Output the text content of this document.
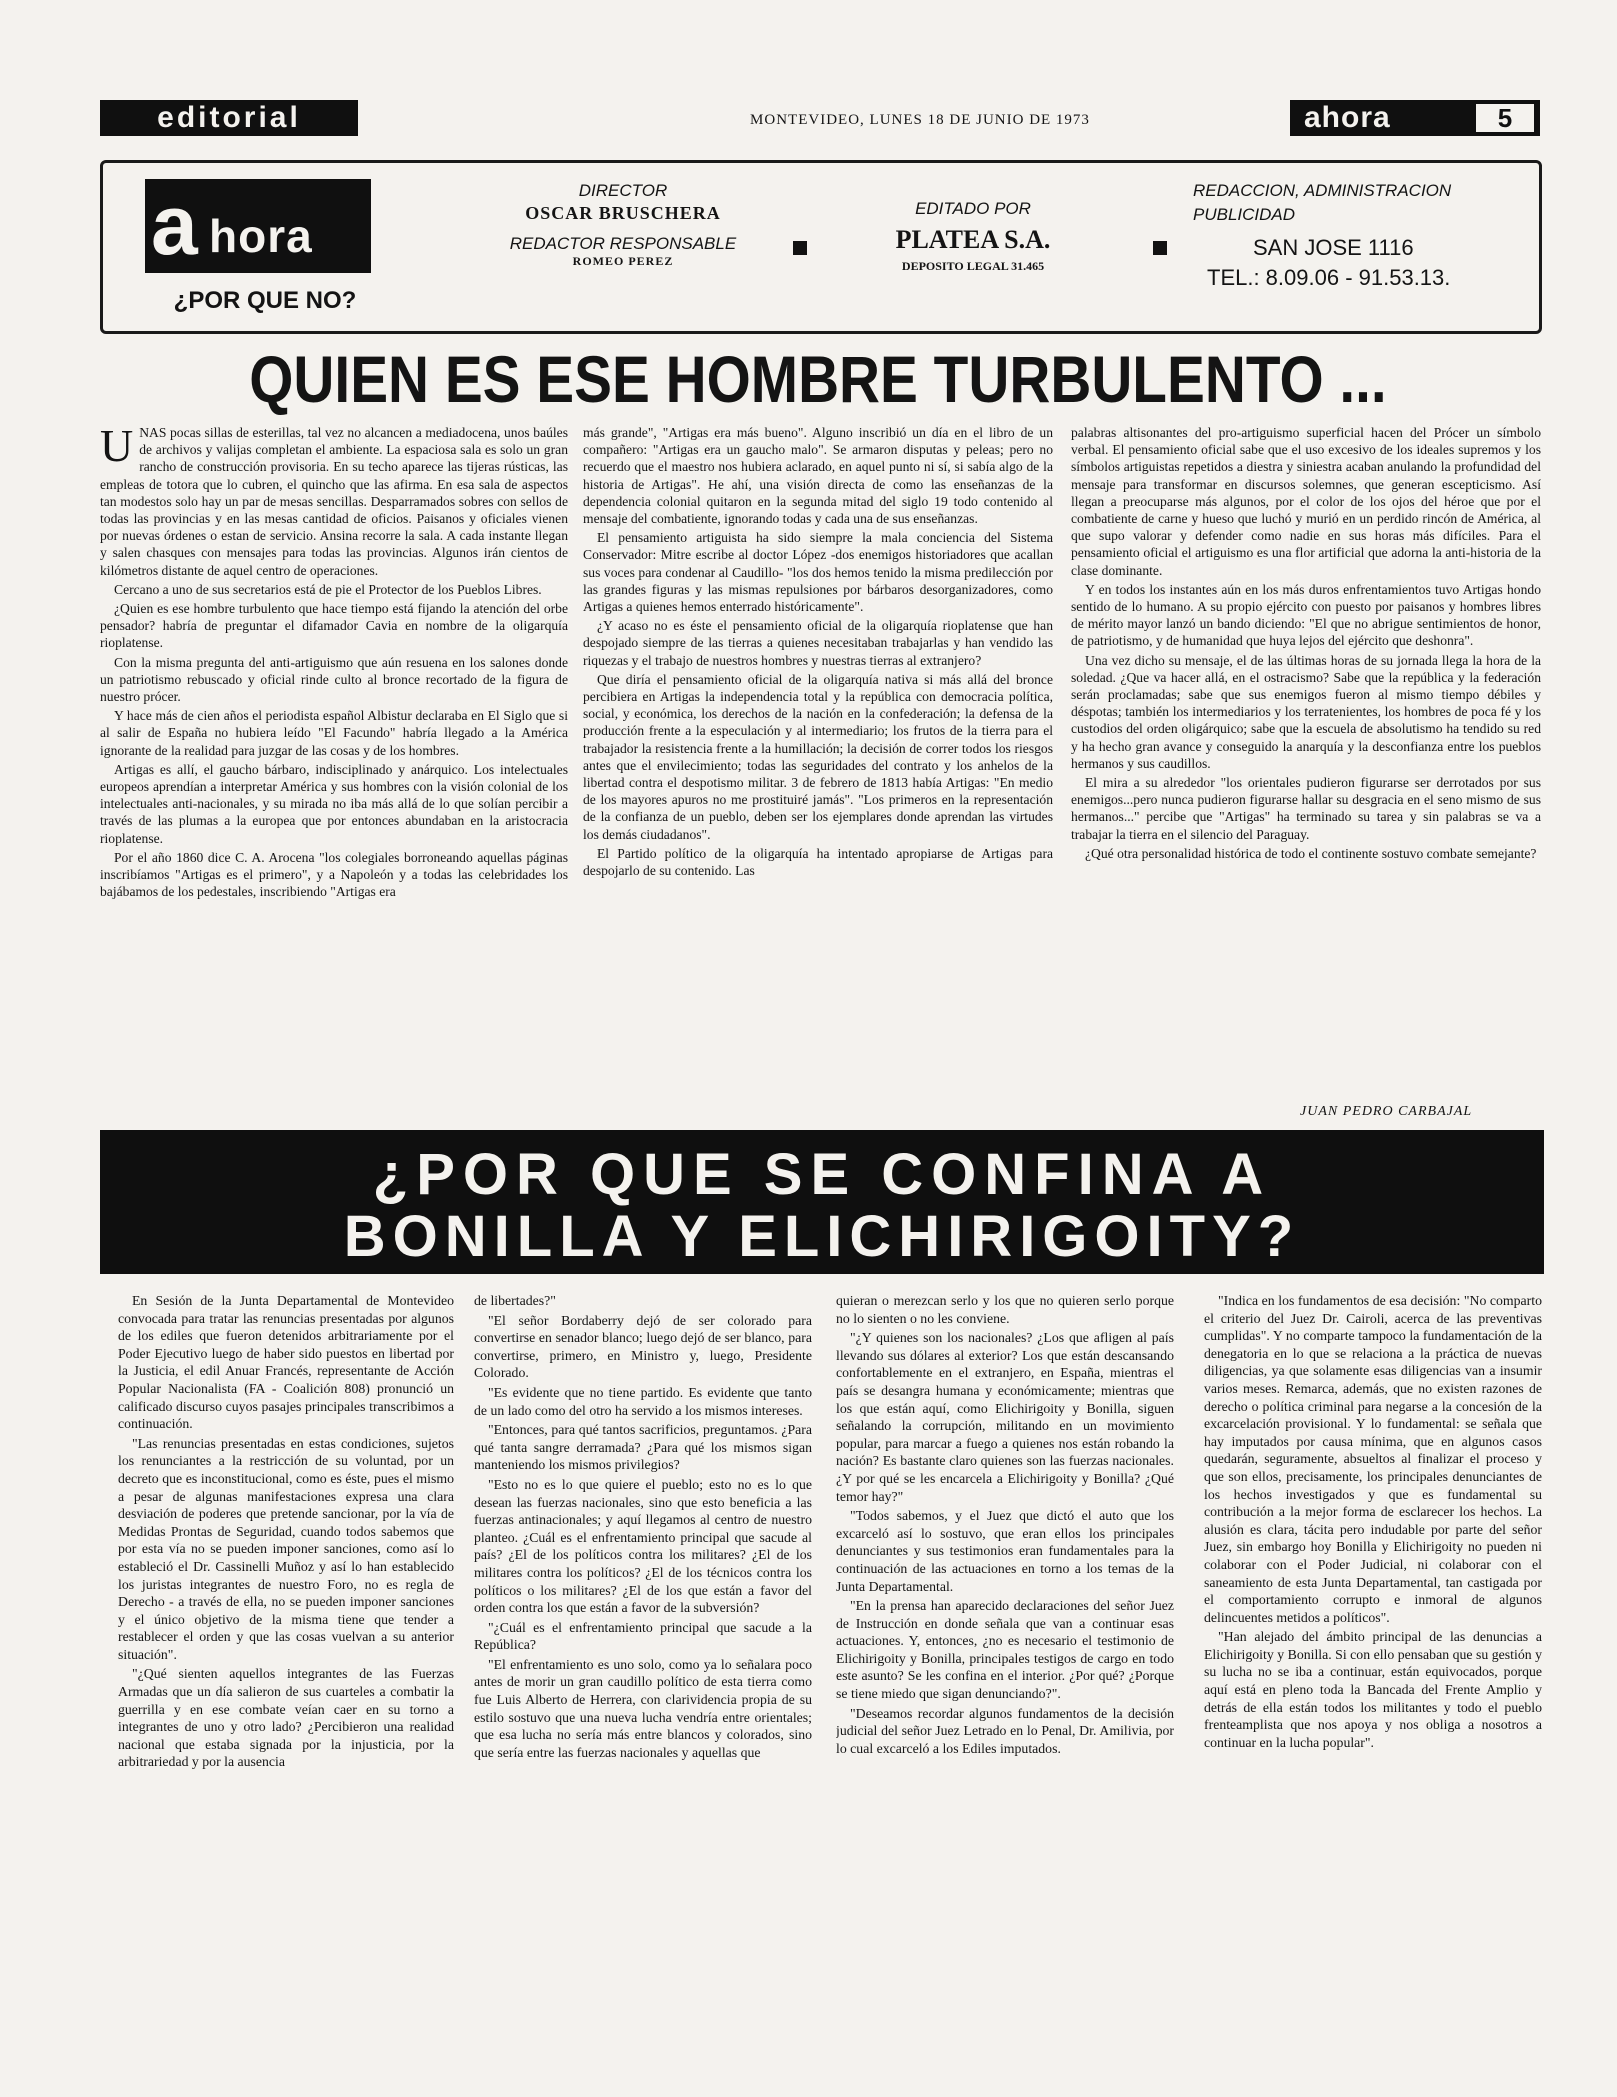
editorial	MONTEVIDEO, LUNES 18 DE JUNIO DE 1973	ahora	5
a hora
¿POR QUE NO?
DIRECTOR
OSCAR BRUSCHERA
REDACTOR RESPONSABLE
ROMEO PEREZ
EDITADO POR
PLATEA S.A.
DEPOSITO LEGAL 31.465
REDACCION, ADMINISTRACION
PUBLICIDAD
SAN JOSE 1116
TEL.: 8.09.06 - 91.53.13.
QUIEN ES ESE HOMBRE TURBULENTO ...
U NAS pocas sillas de esterillas, tal vez no alcancen a mediadocena, unos baúles de archivos y valijas completan el ambiente. La espaciosa sala es solo un gran rancho de construcción provisoria. En su techo aparece las tijeras rústicas, las empleas de totora que lo cubren, el quincho que las afirma. En esa sala de aspectos tan modestos solo hay un par de mesas sencillas. Desparramados sobres con sellos de todas las provincias y en las mesas cantidad de oficios. Paisanos y oficiales vienen por nuevas órdenes o estan de servicio. Ansina recorre la sala. A cada instante llegan y salen chasques con mensajes para todas las provincias. Algunos irán cientos de kilómetros distante de aquel centro de operaciones.

Cercano a uno de sus secretarios está de pie el Protector de los Pueblos Libres.

¿Quien es ese hombre turbulento que hace tiempo está fijando la atención del orbe pensador? habría de preguntar el difamador Cavia en nombre de la oligarquía rioplatense.

Con la misma pregunta del anti-artiguismo que aún resuena en los salones donde un patriotismo rebuscado y oficial rinde culto al bronce recortado de la figura de nuestro prócer.

Y hace más de cien años el periodista español Albistur declaraba en El Siglo que si al salir de España no hubiera leído "El Facundo" habría llegado a la América ignorante de la realidad para juzgar de las cosas y de los hombres.

Artigas es allí, el gaucho bárbaro, indisciplinado y anárquico. Los intelectuales europeos aprendían a interpretar América y sus hombres con la visión colonial de los intelectuales anti-nacionales, y su mirada no iba más allá de lo que solían percibir a través de las plumas a la europea que por entonces abundaban en la aristocracia rioplatense.

Por el año 1860 dice C. A. Arocena "los colegiales borroneando aquellas páginas inscribíamos "Artigas es el primero", y a Napoleón y a todas las celebridades los bajábamos de los pedestales, inscribiendo "Artigas era

más grande", "Artigas era más bueno". Alguno inscribió un día en el libro de un compañero: "Artigas era un gaucho malo". Se armaron disputas y peleas; pero no recuerdo que el maestro nos hubiera aclarado, en aquel punto ni sí, si sabía algo de la historia de Artigas". He ahí, una visión directa de como las enseñanzas de la dependencia colonial quitaron en la segunda mitad del siglo 19 todo contenido al mensaje del combatiente, ignorando todas y cada una de sus enseñanzas.

El pensamiento artiguista ha sido siempre la mala conciencia del Sistema Conservador: Mitre escribe al doctor López -dos enemigos historiadores que acallan sus voces para condenar al Caudillo- "los dos hemos tenido la misma predilección por las grandes figuras y las mismas repulsiones por bárbaros desorganizadores, como Artigas a quienes hemos enterrado históricamente".

¿Y acaso no es éste el pensamiento oficial de la oligarquía rioplatense que han despojado siempre de las tierras a quienes necesitaban trabajarlas y han vendido las riquezas y el trabajo de nuestros hombres y nuestras tierras al extranjero?

Que diría el pensamiento oficial de la oligarquía nativa si más allá del bronce percibiera en Artigas la independencia total y la república con democracia política, social, y económica, los derechos de la nación en la confederación; la defensa de la producción frente a la especulación y al intermediario; los frutos de la tierra para el trabajador la resistencia frente a la humillación; la decisión de correr todos los riesgos antes que el envilecimiento; todas las seguridades del contrato y los anhelos de la libertad contra el despotismo militar. 3 de febrero de 1813 había Artigas: "En medio de los mayores apuros no me prostituiré jamás". "Los primeros en la representación de la confianza de un pueblo, deben ser los ejemplares donde aprendan las virtudes los demás ciudadanos".

El Partido político de la oligarquía ha intentado apropiarse de Artigas para despojarlo de su contenido. Las

palabras altisonantes del pro-artiguismo superficial hacen del Prócer un símbolo verbal. El pensamiento oficial sabe que el uso excesivo de los ideales supremos y los símbolos artiguistas repetidos a diestra y siniestra acaban anulando la profundidad del mensaje para transformar en discursos solemnes, que generan escepticismo. Así llegan a preocuparse más algunos, por el color de los ojos del héroe que por el combatiente de carne y hueso que luchó y murió en un perdido rincón de América, al que supo valorar y defender como nadie en sus horas más difíciles. Para el pensamiento oficial el artiguismo es una flor artificial que adorna la anti-historia de la clase dominante.

Y en todos los instantes aún en los más duros enfrentamientos tuvo Artigas hondo sentido de lo humano. A su propio ejército con puesto por paisanos y hombres libres de mérito mayor lanzó un bando diciendo: "El que no abrigue sentimientos de honor, de patriotismo, y de humanidad que huya lejos del ejército que deshonra".

Una vez dicho su mensaje, el de las últimas horas de su jornada llega la hora de la soledad. ¿Que va hacer allá, en el ostracismo? Sabe que la república y la federación serán proclamadas; sabe que sus enemigos fueron al mismo tiempo débiles y déspotas; también los intermediarios y los terratenientes, los hombres de poca fé y los custodios del orden oligárquico; sabe que la escuela de absolutismo ha tendido su red y ha hecho gran avance y conseguido la anarquía y la desconfianza entre los pueblos hermanos y sus caudillos.

El mira a su alrededor "los orientales pudieron figurarse ser derrotados por sus enemigos...pero nunca pudieron figurarse hallar su desgracia en el seno mismo de sus hermanos..." percibe que "Artigas" ha terminado su tarea y sin palabras se va a trabajar la tierra en el silencio del Paraguay.

¿Qué otra personalidad histórica de todo el continente sostuvo combate semejante?

JUAN PEDRO CARBAJAL
¿POR QUE SE CONFINA A
BONILLA Y ELICHIRIGOITY?

En Sesión de la Junta Departamental de Montevideo convocada para tratar las renuncias presentadas por algunos de los ediles que fueron detenidos arbitrariamente por el Poder Ejecutivo luego de haber sido puestos en libertad por la Justicia, el edil Anuar Francés, representante de Acción Popular Nacionalista (FA - Coalición 808) pronunció un calificado discurso cuyos pasajes principales transcribimos a continuación.

"Las renuncias presentadas en estas condiciones, sujetos los renunciantes a la restricción de su voluntad, por un decreto que es inconstitucional, como es éste, pues el mismo a pesar de algunas manifestaciones expresa una clara desviación de poderes que pretende sancionar, por la vía de Medidas Prontas de Seguridad, cuando todos sabemos que por esta vía no se pueden imponer sanciones, como así lo estableció el Dr. Cassinelli Muñoz y así lo han establecido los juristas integrantes de nuestro Foro, no es regla de Derecho - a través de ella, no se pueden imponer sanciones y el único objetivo de la misma tiene que tender a restablecer el orden y que las cosas vuelvan a su anterior situación".

"¿Qué sienten aquellos integrantes de las Fuerzas Armadas que un día salieron de sus cuarteles a combatir la guerrilla y en ese combate veían caer en su torno a integrantes de uno y otro lado? ¿Percibieron una realidad nacional que estaba signada por la injusticia, por la arbitrariedad y por la ausencia

de libertades?"

"El señor Bordaberry dejó de ser colorado para convertirse en senador blanco; luego dejó de ser blanco, para convertirse, primero, en Ministro y, luego, Presidente Colorado.

"Es evidente que no tiene partido. Es evidente que tanto de un lado como del otro ha servido a los mismos intereses.

"Entonces, para qué tantos sacrificios, preguntamos. ¿Para qué tanta sangre derramada? ¿Para qué los mismos sigan manteniendo los mismos privilegios?

"Esto no es lo que quiere el pueblo; esto no es lo que desean las fuerzas nacionales, sino que esto beneficia a las fuerzas antinacionales; y aquí llegamos al centro de nuestro planteo. ¿Cuál es el enfrentamiento principal que sacude al país? ¿El de los políticos contra los militares? ¿El de los militares contra los políticos? ¿El de los técnicos contra los políticos o los militares? ¿El de los que están a favor del orden contra los que están a favor de la subversión?

"¿Cuál es el enfrentamiento principal que sacude a la República?

"El enfrentamiento es uno solo, como ya lo señalara poco antes de morir un gran caudillo político de esta tierra como fue Luis Alberto de Herrera, con clarividencia propia de su estilo sostuvo que una nueva lucha vendría entre orientales; que esa lucha no sería más entre blancos y colorados, sino que sería entre las fuerzas nacionales y aquellas que

quieran o merezcan serlo y los que no quieren serlo porque no lo sienten o no les conviene.

"¿Y quienes son los nacionales? ¿Los que afligen al país llevando sus dólares al exterior? Los que están descansando confortablemente en el extranjero, en España, mientras el país se desangra humana y económicamente; mientras que los que están aquí, como Elichirigoity y Bonilla, siguen señalando la corrupción, militando en un movimiento popular, para marcar a fuego a quienes nos están robando la nación? Es bastante claro quienes son las fuerzas nacionales. ¿Y por qué se les encarcela a Elichirigoity y Bonilla? ¿Qué temor hay?"

"Todos sabemos, y el Juez que dictó el auto que los excarceló así lo sostuvo, que eran ellos los principales denunciantes y sus testimonios eran fundamentales para la continuación de las actuaciones en torno a los temas de la Junta Departamental.

"En la prensa han aparecido declaraciones del señor Juez de Instrucción en donde señala que van a continuar esas actuaciones. Y, entonces, ¿no es necesario el testimonio de Elichirigoity y Bonilla, principales testigos de cargo en todo este asunto? Se les confina en el interior. ¿Por qué? ¿Porque se tiene miedo que sigan denunciando?".

"Deseamos recordar algunos fundamentos de la decisión judicial del señor Juez Letrado en lo Penal, Dr. Amilivia, por lo cual excarceló a los Ediles imputados.

"Indica en los fundamentos de esa decisión: "No comparto el criterio del Juez Dr. Cairoli, acerca de las preventivas cumplidas". Y no comparte tampoco la fundamentación de la denegatoria en lo que se relaciona a la práctica de nuevas diligencias, ya que solamente esas diligencias van a insumir varios meses. Remarca, además, que no existen razones de derecho o política criminal para negarse a la concesión de la excarcelación provisional. Y lo fundamental: se señala que hay imputados por causa mínima, que en algunos casos quedarán, seguramente, absueltos al finalizar el proceso y que son ellos, precisamente, los principales denunciantes de los hechos investigados y que es fundamental su contribución a la mejor forma de esclarecer los hechos. La alusión es clara, tácita pero indudable por parte del señor Juez, sin embargo hoy Bonilla y Elichirigoity no pueden ni colaborar con el Poder Judicial, ni colaborar con el saneamiento de esta Junta Departamental, tan castigada por el comportamiento corrupto e inmoral de algunos delincuentes metidos a políticos".

"Han alejado del ámbito principal de las denuncias a Elichirigoity y Bonilla. Si con ello pensaban que su gestión y su lucha no se iba a continuar, están equivocados, porque aquí está en pleno toda la Bancada del Frente Amplio y detrás de ella están todos los militantes y todo el pueblo frenteamplista que nos apoya y nos obliga a nosotros a continuar en la lucha popular".
